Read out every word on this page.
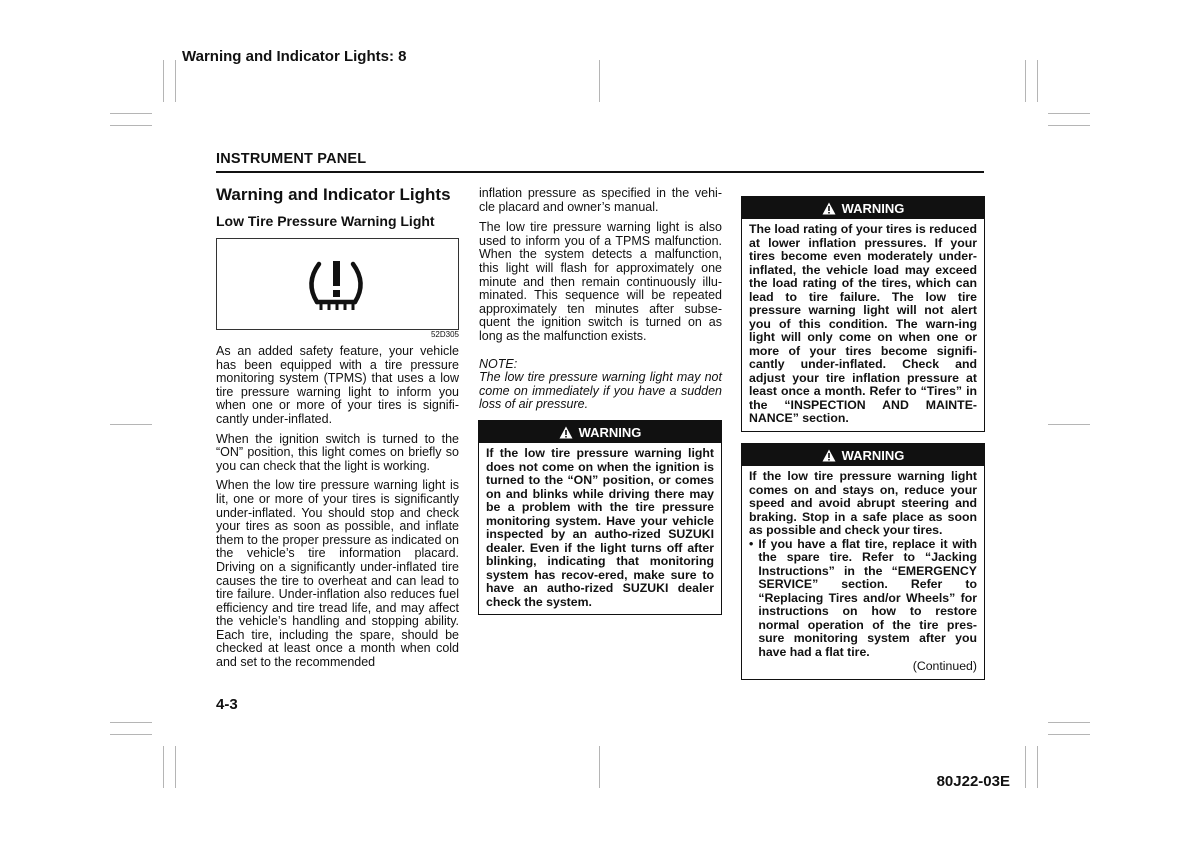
Warning and Indicator Lights: 8
INSTRUMENT PANEL
Warning and Indicator Lights
Low Tire Pressure Warning Light
52D305

As an added safety feature, your vehicle has been equipped with a tire pressure monitoring system (TPMS) that uses a low tire pressure warning light to inform you when one or more of your tires is signifi-cantly under-inflated.

When the ignition switch is turned to the “ON” position, this light comes on briefly so you can check that the light is working.

When the low tire pressure warning light is lit, one or more of your tires is significantly under-inflated. You should stop and check your tires as soon as possible, and inflate them to the proper pressure as indicated on the vehicle’s tire information placard. Driving on a significantly under-inflated tire causes the tire to overheat and can lead to tire failure. Under-inflation also reduces fuel efficiency and tire tread life, and may affect the vehicle’s handling and stopping ability. Each tire, including the spare, should be checked at least once a month when cold and set to the recommended

inflation pressure as specified in the vehi-cle placard and owner’s manual.

The low tire pressure warning light is also used to inform you of a TPMS malfunction. When the system detects a malfunction, this light will flash for approximately one minute and then remain continuously illu-minated. This sequence will be repeated approximately ten minutes after subse-quent the ignition switch is turned on as long as the malfunction exists.

NOTE:

The low tire pressure warning light may not come on immediately if you have a sudden loss of air pressure.

WARNING
If the low tire pressure warning light does not come on when the ignition is turned to the “ON” position, or comes on and blinks while driving there may be a problem with the tire pressure monitoring system. Have your vehicle inspected by an autho-rized SUZUKI dealer. Even if the light turns off after blinking, indicating that monitoring system has recov-ered, make sure to have an autho-rized SUZUKI dealer check the system.
WARNING
The load rating of your tires is reduced at lower inflation pressures. If your tires become even moderately under-inflated, the vehicle load may exceed the load rating of the tires, which can lead to tire failure. The low tire pressure warning light will not alert you of this condition. The warn-ing light will only come on when one or more of your tires become signifi-cantly under-inflated. Check and adjust your tire inflation pressure at least once a month. Refer to “Tires” in the “INSPECTION AND MAINTE-NANCE” section.
WARNING
If the low tire pressure warning light comes on and stays on, reduce your speed and avoid abrupt steering and braking. Stop in a safe place as soon as possible and check your tires.
• If you have a flat tire, replace it with the spare tire. Refer to “Jacking Instructions” in the “EMERGENCY SERVICE” section. Refer to “Replacing Tires and/or Wheels” for instructions on how to restore normal operation of the tire pres-sure monitoring system after you have had a flat tire.
(Continued)
4-3
80J22-03E
